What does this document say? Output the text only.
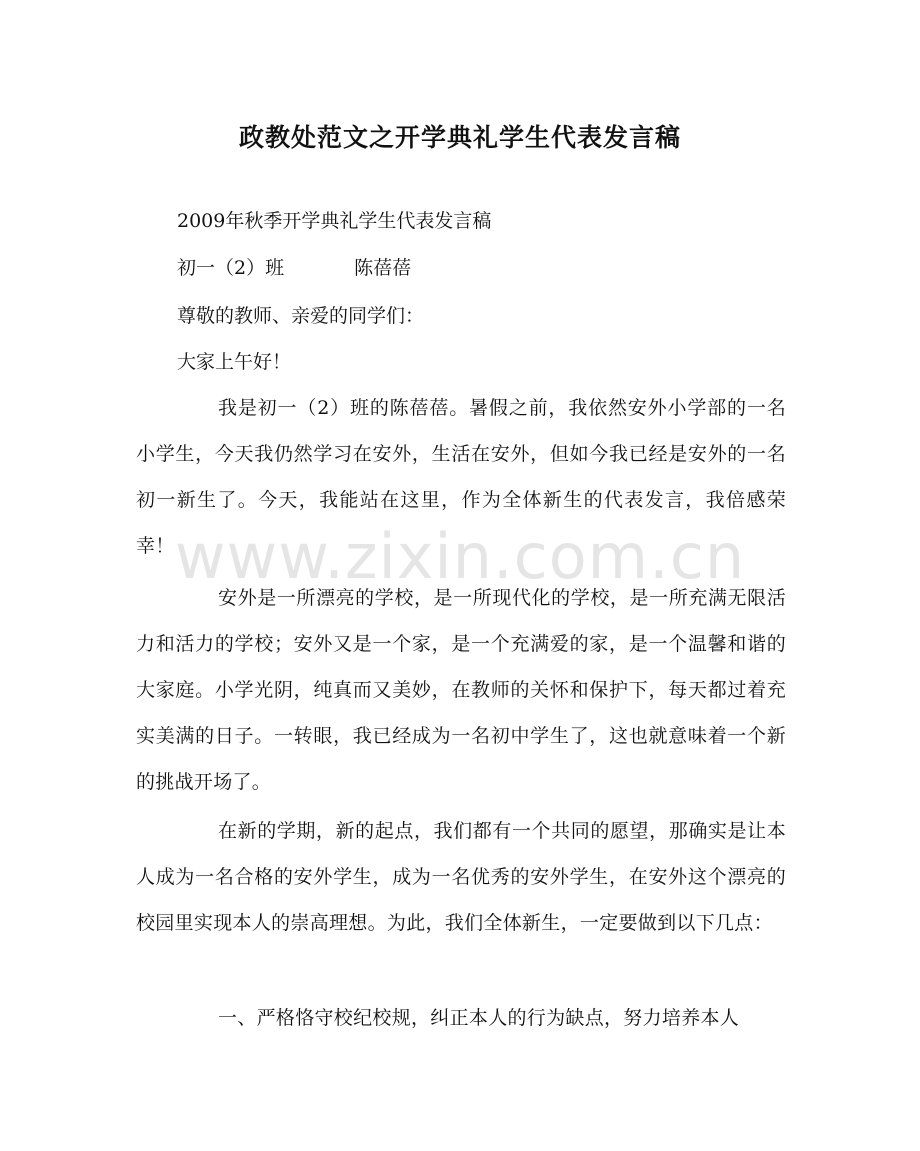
政教处范文之开学典礼学生代表发言稿
2009年秋季开学典礼学生代表发言稿
初一（2）班	陈蓓蓓
尊敬的教师、亲爱的同学们：
大家上午好！
我是初一（2）班的陈蓓蓓。暑假之前，我依然安外小学部的一名小学生，今天我仍然学习在安外，生活在安外，但如今我已经是安外的一名初一新生了。今天，我能站在这里，作为全体新生的代表发言，我倍感荣幸！
安外是一所漂亮的学校，是一所现代化的学校，是一所充满无限活力和活力的学校；安外又是一个家，是一个充满爱的家，是一个温馨和谐的大家庭。小学光阴，纯真而又美妙，在教师的关怀和保护下，每天都过着充实美满的日子。一转眼，我已经成为一名初中学生了，这也就意味着一个新的挑战开场了。
在新的学期，新的起点，我们都有一个共同的愿望，那确实是让本人成为一名合格的安外学生，成为一名优秀的安外学生，在安外这个漂亮的校园里实现本人的崇高理想。为此，我们全体新生，一定要做到以下几点：
一、严格恪守校纪校规，纠正本人的行为缺点，努力培养本人
www.zixin.com.cn
